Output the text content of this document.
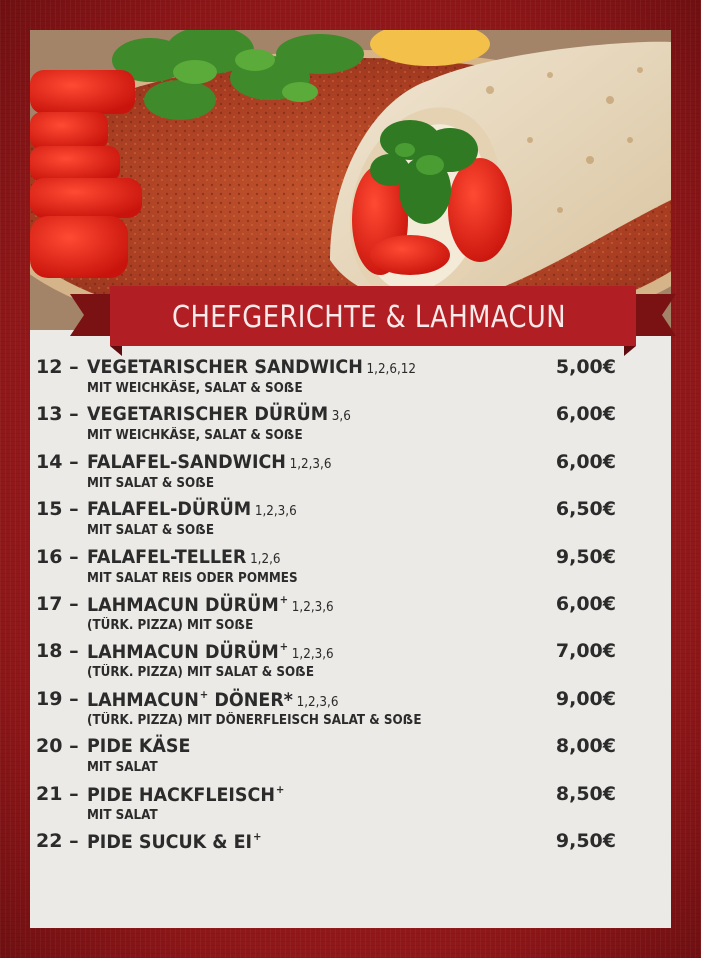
CHEFGERICHTE & LAHMACUN
12 – VEGETARISCHER SANDWICH 1,2,6,12
MIT WEICHKÄSE, SALAT & SOẞE
5,00€
13 – VEGETARISCHER DÜRÜM 3,6
MIT WEICHKÄSE, SALAT & SOẞE
6,00€
14 – FALAFEL-SANDWICH 1,2,3,6
MIT SALAT & SOẞE
6,00€
15 – FALAFEL-DÜRÜM 1,2,3,6
MIT SALAT & SOẞE
6,50€
16 – FALAFEL-TELLER 1,2,6
MIT SALAT REIS ODER POMMES
9,50€
17 – LAHMACUN DÜRÜM+1,2,3,6
(TÜRK. PIZZA) MIT SOẞE
6,00€
18 – LAHMACUN DÜRÜM+1,2,3,6
(TÜRK. PIZZA) MIT SALAT & SOẞE
7,00€
19 – LAHMACUN+ DÖNER* 1,2,3,6
(TÜRK. PIZZA) MIT DÖNERFLEISCH SALAT & SOẞE
9,00€
20 – PIDE KÄSE
MIT SALAT
8,00€
21 – PIDE HACKFLEISCH+
MIT SALAT
8,50€
22 – PIDE SUCUK & EI+	9,50€
